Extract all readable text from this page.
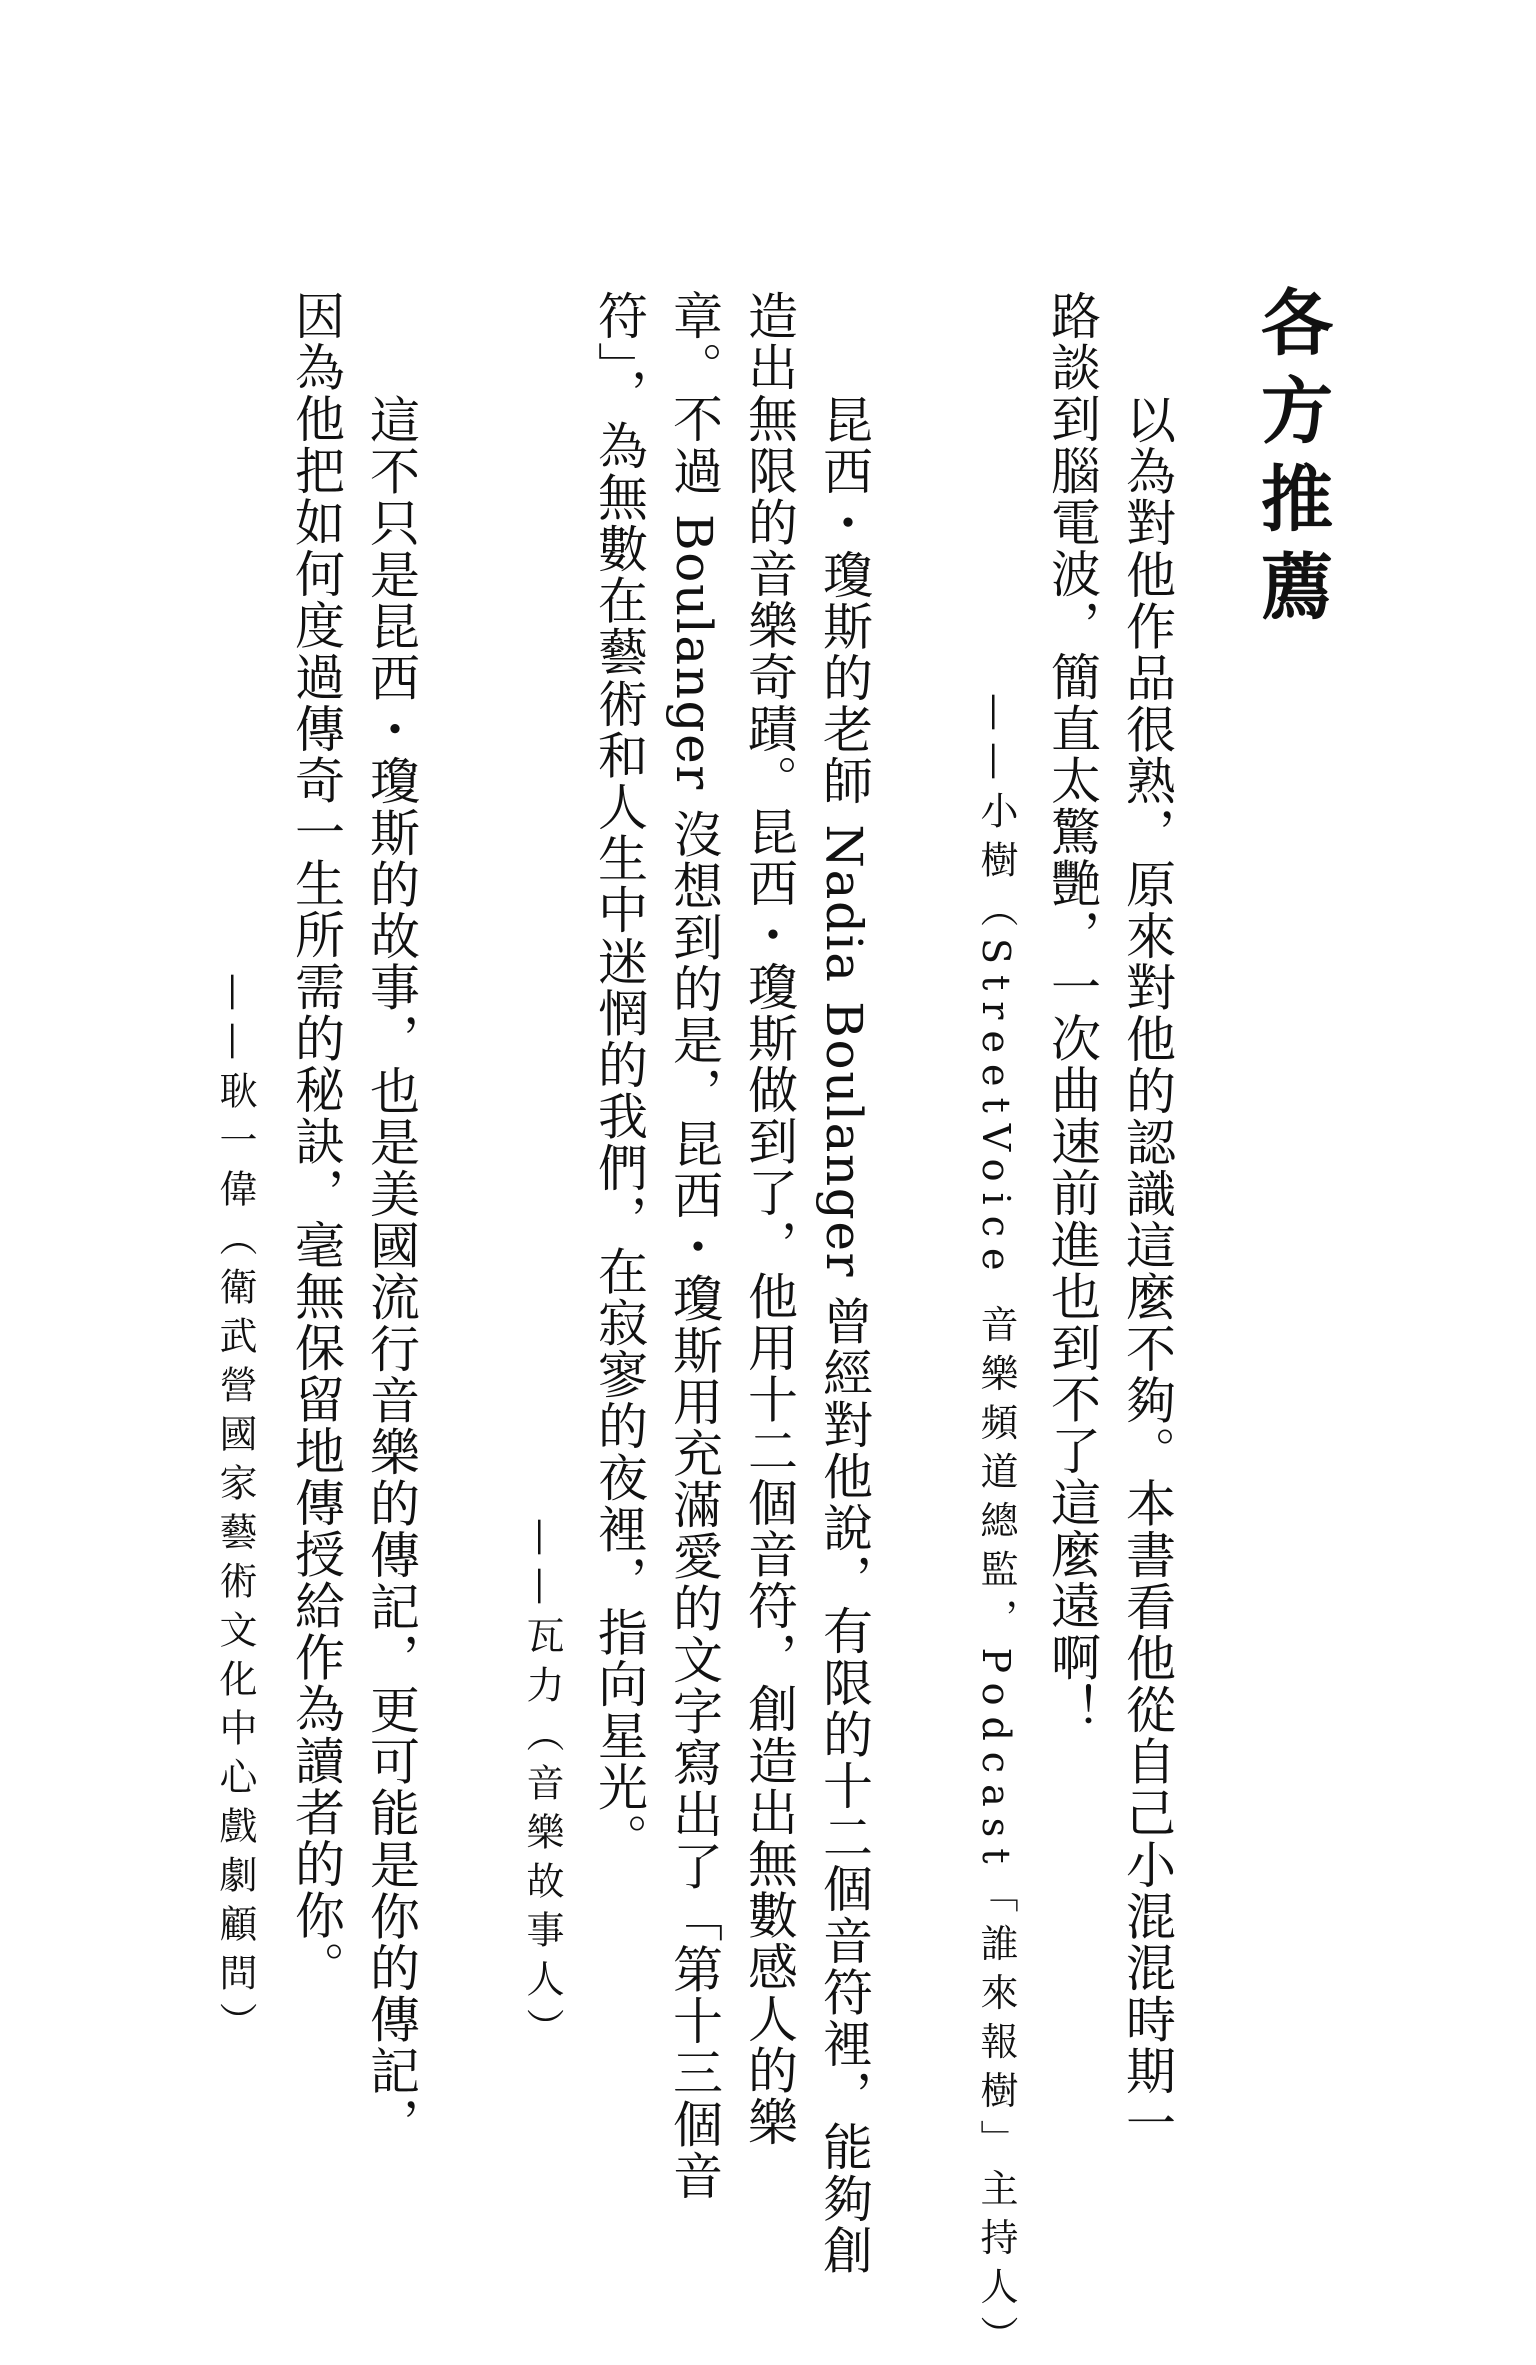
各方推薦
以為對他作品很熟，原來對他的認識這麼不夠。本書看他從自己小混混時期一
路談到腦電波，簡直太驚艷，一次曲速前進也到不了這麼遠啊！
——小樹（StreetVoice 音樂頻道總監，Podcast「誰來報樹」主持人）
昆西・瓊斯的老師 Nadia Boulanger 曾經對他說，有限的十二個音符裡，能夠創
造出無限的音樂奇蹟。昆西・瓊斯做到了，他用十二個音符，創造出無數感人的樂
章。不過 Boulanger 沒想到的是，昆西・瓊斯用充滿愛的文字寫出了「第十三個音
符」，為無數在藝術和人生中迷惘的我們，在寂寥的夜裡，指向星光。
——瓦力（音樂故事人）
這不只是昆西・瓊斯的故事，也是美國流行音樂的傳記，更可能是你的傳記，
因為他把如何度過傳奇一生所需的秘訣，毫無保留地傳授給作為讀者的你。
——耿一偉（衛武營國家藝術文化中心戲劇顧問）
